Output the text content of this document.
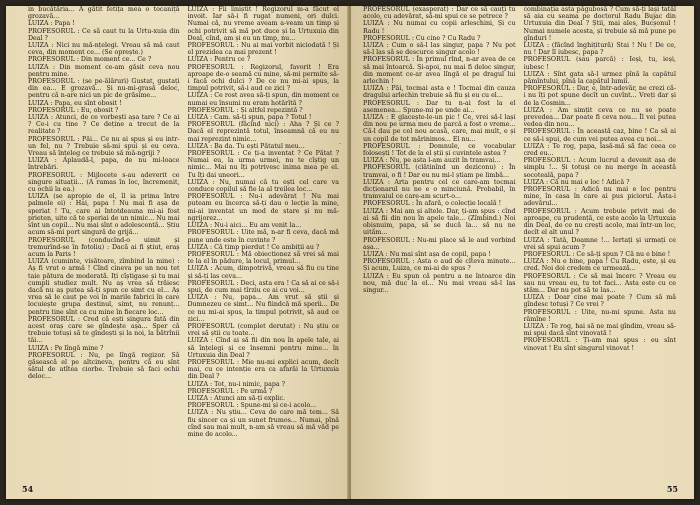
in bucătăria... A gătit fetița mea o tocaniță grozavă...

LUIZA : Papa !

PROFESORUL : Ce să caut tu la Urtu-xuia din Deal ?

LUIZA : Nici nu mă-nțelegi. Vreau să mă caut ceva, din moment ce... (Se oprește.)

PROFESORUL : Din moment ce... Ce ?

LUIZA : Din moment ce-am găsit ceva nou pentru mine.

PROFESORUL : (se pe-ălăruri) Gustat, gustați din ea... E grozavă... Și nu-mi-grasă deloc, pentru că n-are nici un pic de grăsime...

LUIZA : Papa, eu sînt obosit !

PROFESORUL : Eu, obosit ?

LUIZA : Atunci, de ce vorbești așa tare ? Ce ai ? Ce-i cu tine ? Ce deține a trecut de la realitate ?

PROFESORUL : Păi... Ce nu ai spus și eu intr-un fel, nu ? Trebuie să-mi spui și eu ceva. Vreau să înțeleg ce trebuie să mă-ngriji ?

LUIZA : Aplaudă-l, papa, de nu mi-loace întrebări.

PROFESORUL : Mijlocete s-au adeverit ce singure situații... (A ramas în loc, încremenit, cu ochii la ea.)

LUIZA (se apropie de el, îl ia prima între palmele ei) : Hai, papa ! Nu mai fi așa de speriat ! Tu, care ai întotdeauna mi-ai fost prieten, uite că te speriai de un nimic... Nu mai sînt un copil... Nu mai sînt o adolescentă... Știu acum să-mi port singură de grijă...

PROFESORUL (conducînd-o uimit și tremurînd-se în fotoliu) : Dacă ai fi știut, eraș acum la Paris !

LUIZA (cuminte, visătoare, zîmbind la mine) : Aș fi vrut o armă ! Cînd cineva pe un nou tet taie pătura de moderată. Iți cîștigase și tu mai cumpli studiez mult. Nu aș vrea să trăiesc dacă nu aș putea să-ți spun ce simt cu el... Aș vrea să le caut pe voi în marile fabrici în care locuiește grupa destinul, simt, nu renunț... pentru tine sînt ca cu mine în fiecare loc...

PROFESORUL : Cred că ești singura fată din acest oraș care se gîndește așa... Sper că trebuie totuși să te gîndești și la noi, la bătrînii tăi...

LUIZA : Pe lîngă mine ?

PROFESORUL : Nu, pe lîngă regizor. Să găsească el pe altcineva, pentru că eu sînt sătul de atîtea ciorbe. Trebuie să faci ochii deloc...

LUIZA : Fii liniștit ! Regizorul m-a făcut el invoit. Iar să-i fi rugat numeni, ori dulci. Numai că, nu vreme aveam a-veam un timp și ochi potrivit să mă pot duce și la Urtuxuia din Deal, cînd, am și eu un timp, nu...

PROFESORUL : Nu ai mai vorbit niciodată ! Și el prezidea ca mai prezent !

LUIZA : Pentru ce ?

PROFESORUL : Regizorul, favorit ! Era aproape de-o seamă cu mine, să-mi permite să-i facă ochi dulci ? De ce nu mi-ai spus, la timpul potrivit, să-i aud ce zici ?

LUIZA : Ce rost avea să-ți spun, din moment ce numai eu însumi nu eram hotărîtă ?

PROFESORUL : Și altfel repezintă ?

LUIZA : Cam. să-ți spun, papa ? Totul !

PROFESORUL (făcînd nici) : Aha ? Și ce ? Dacă el reprezintă totul, înseamnă că eu nu mai reprezint nimic...

LUIZA : Ba da. Tu ești Pătatul meu...

PROFESORUL : Ce ți-a inventat ? Ce Pătat ? Numai eu, la urma urmei, nu te cîștig un nimic... Mai nu îți potrivesc inima mea pe el. Tu îți dai uneori...

LUIZA : Nu, numai că tu ești cel care va conduce copilul să fie la al treilea loc...

PROFESORUL : Nu-i adevărat ! Nu mai puteam eu încerca să-ți dau o lecție la mine, mi-ai inventat un mod de stare și nu mă-ngrijorez...

LUIZA : Nu-i aici... Eu am venit la...

PROFESORUL : Uite mă, n-ar fi ceva, dacă mă pune unde este în cuvinte ?

LUIZA : Că timp pierdut ! Ce ambiții au ?

PROFESORUL : Mă obiectionez să vrei să mai te la el în pădure, la locul, primul...

LUIZA : Acum, dimpotrivă, vreau să fiu cu tine și să-ți las ceva...

PROFESORUL : Deci, asta era ! Ca să ai ce să-i spui, de cum mai tîrziu ce ai cu voi...

LUIZA : Nu, papa... Am vrut să știi și Dumnezeu ce simt... Nu fiindcă mă sperii... De ce nu mi-ai spus, la timpul potrivit, să aud ce zici...

PROFESORUL (complet derutat) : Nu știu ce vrei să știi cu toate...

LUIZA : Cînd ai să fii din nou în apele tale, ai să înțelegi și ce însemni pentru mine... în Urtuxuia din Deal ?

PROFESORUL : Mie nu-mi explici acum, decît mai, cu ce intenție era ca afarăi la Urtuxuia din Deal ?

LUIZA : Tot, nu-i nimic, papa ?

PROFESORUL : Pe urmă ?

LUIZA : Atunci am să-ți explic.

PROFESORUL : Spune-mi și ce-i acolo...

LUIZA : Nu știu... Ceva de care mă tem... Să fiu sincer ca și un sunet frumos... Numai, pînă cînd sau mai mult, n-am să vreau să mă văd pe mine de acolo...

54

PROFESORUL (exasperat) : Dar ce să cauți tu acolo, cu adevărat, să-mi spui ce se petrece ?

LUIZA : Nu numai cu copii arleschini, Și cu Radu !

PROFESORUL : Cu cine ? Cu Radu ?

LUIZA : Cum o să-l las singur, papa ? Nu pot să-l las să se descurce singur acolo !

PROFESORUL : În primul rînd, n-ar avea de ce să mai întoarcă. Și-apoi, nu mai fi deloc singur, din moment ce-ar avea lîngă el pe dragul lui arlechin !

LUIZA : Păi, tocmai asta e ! Tocmai din cauza dragului arlechin trebuie să fiu și eu cu el...

PROFESORUL : Dar tu n-ai fost la el asemenea... Spune-mi pe unde ai...

LUIZA : E glacește-le-un pic ! Ce, vrei să-l lași din nou pe urma meu de parcă a fost o vreme... Că-l dau pe cel nou acasă, care, mai mult, e și un copil de tot mărinimos... El nu...

PROFESORUL : Domnule, ce vocabular folosești ! Tot de la el știi și cuvintele astea ?

LUIZA : Nu, pe asta l-am auzit în tramvai...

PROFESORUL (clătinînd un deziconu) : În tramvai, o fi ! Dar eu nu mi-l știam pe limbă...

LUIZA : Arta pentru cel ce care-am tocmai dicționarul nu ne e o minciună. Probabil, în tramvaiul ce care-am scurt-o...

PROFESORUL : În afară, o colecție locală !

LUIZA : Mai am și altele. Dar, ți-am spus : cînd ai să fii din nou în apele tale... (Zîmbind.) Noi obișnuim, papa, să se ducă la... să nu ne uităm...

PROFESORUL : Nu-mi place să le aud vorbind așa...

LUIZA : Nu mai sînt așa de copil, papa !

PROFESORUL : Asta o aud de cîteva minute... Și acum, Luiza, ce mi-ai de spus ?

LUIZA : Eu spun că pentru a ne întoarce din nou, mă duc la el... Nu mai vreau să-l las singur...

combinația asta păgubosă ? Cum să-ți lași tatăl să aia cu seama pe doctorul Radu Bujac din Urtuxuia din Deal ? Știi, mai ales, Bucșonul ! Numai numele acesta, și trebuie să mă pune pe gînduri !

LUIZA : (făcînd înghițitură) Stai ! Nu ! De ce, nu ! Dar îl iubesc, papa ?

PROFESORUL (sau parcă) : Ieși, tu, ieși, iubesc !

LUIZA : Sînt gata să-l urmez pînă la capătul pămîntului, pînă la capătul lumii.

PROFESORUL : Dar, e, într-adevăr, ne crezi că-i nu îți pot spune decît un cuvînt... Vreți dar și de la Cosmin...

LUIZA : Am simțit ceva ce nu se poate prevedea... Dar poate fi ceva nou... Îl vei putea vedea din nou...

PROFESORUL : În această caz, bine ! Ca să ai ce să-i spui, de cum vei putea avea cu noi...

LUIZA : Te rog, papa, lasă-mă să fac ceea ce cred eu...

PROFESORUL : Acum lucrul a devenit așa de simplu !... Și totuși ce nu merge în această socoteală, papa ?

LUIZA : Că nu mai e loc ! Adică ?

PROFESORUL : Adică nu mai e loc pentru mine, în casa în care ai pus piciorul. Ăsta-i adevărul...

PROFESORUL : Acum trebuie privit mai de aproape, cu prudență, ce este acolo la Urtuxuia din Deal, de ce nu crești acolo, mai într-un loc, decît el alt unul ?

LUIZA : Tată, Doamne !... Iertați și urmați ce vrei să spui acum ?

PROFESORUL : Ce să-ți spun ? Că nu e bine !

LUIZA : Nu e bine, papa ! Cu Radu, este, și eu cred. Noi doi credem ce urmează...

PROFESORUL : Ce să mai încerc ? Vreau eu sau nu vreau eu, tu tot faci... Asta este cu ce stăm... Dar nu pot să te las...

LUIZA : Doar cine mai poate ? Cum să mă gîndesc totuși ? Ce vrei ?

PROFESORUL : Uite, nu-mi spune. Asta nu rămîne !

LUIZA : Te rog, hai să ne mai gîndim, vreau să-mi spui dacă sînt vinovată !

PROFESORUL : Ți-am mai spus : eu sînt vinovat ! Eu sînt singurul vinovat !

55
·
